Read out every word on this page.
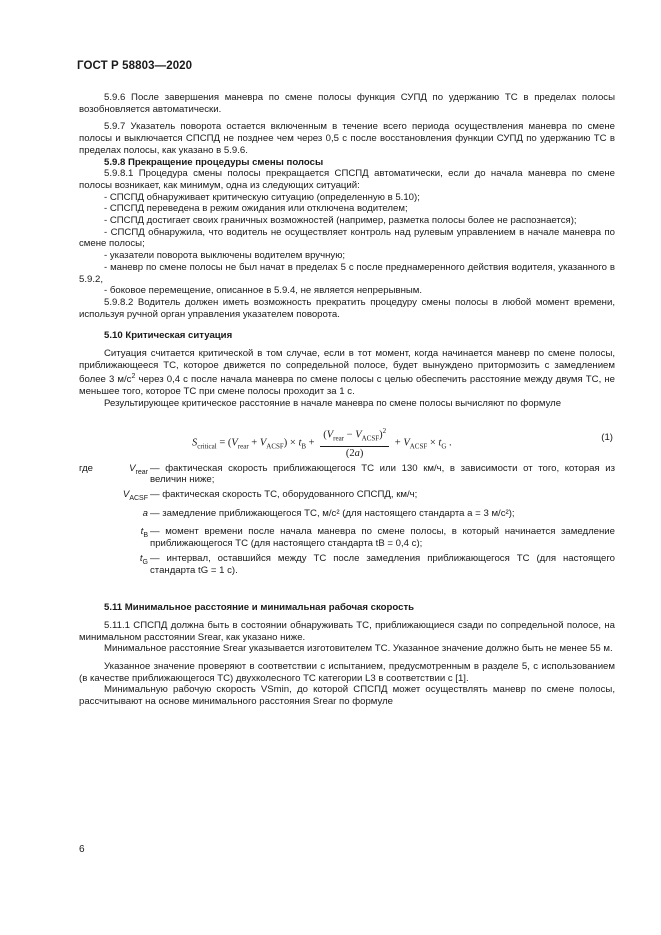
ГОСТ Р 58803—2020

5.9.6 После завершения маневра по смене полосы функция СУПД по удержанию ТС в пределах полосы возобновляется автоматически.

5.9.7 Указатель поворота остается включенным в течение всего периода осуществления маневра по смене полосы и выключается СПСПД не позднее чем через 0,5 с после восстановления функции СУПД по удержанию ТС в пределах полосы, как указано в 5.9.6.

5.9.8 Прекращение процедуры смены полосы

5.9.8.1 Процедура смены полосы прекращается СПСПД автоматически, если до начала маневра по смене полосы возникает, как минимум, одна из следующих ситуаций:

- СПСПД обнаруживает критическую ситуацию (определенную в 5.10);

- СПСПД переведена в режим ожидания или отключена водителем;

- СПСПД достигает своих граничных возможностей (например, разметка полосы более не распознается);

- СПСПД обнаружила, что водитель не осуществляет контроль над рулевым управлением в начале маневра по смене полосы;

- указатели поворота выключены водителем вручную;

- маневр по смене полосы не был начат в пределах 5 с после преднамеренного действия водителя, указанного в 5.9.2,

- боковое перемещение, описанное в 5.9.4, не является непрерывным.

5.9.8.2 Водитель должен иметь возможность прекратить процедуру смены полосы в любой момент времени, используя ручной орган управления указателем поворота.

5.10 Критическая ситуация

Ситуация считается критической в том случае, если в тот момент, когда начинается маневр по смене полосы, приближающееся ТС, которое движется по сопредельной полосе, будет вынуждено притормозить с замедлением более 3 $м/с^2$ через 0,4 с после начала маневра по смене полосы с целью обеспечить расстояние между двумя ТС, не меньшее того, которое ТС при смене полосы проходит за 1 с.

Результирующее критическое расстояние в начале маневра по смене полосы вычисляют по формуле

$S_{critical} = (V_{rear} + V_{ACSF}) \times t_B + \frac{(V_{rear} - V_{ACSF})^2}{(2a)} + V_{ACSF} \times t_G$ .	(1)
где	$V_{rear}$ — фактическая скорость приближающегося ТС или 130 км/ч, в зависимости от того, которая из величин ниже;
$V_{ACSF}$ — фактическая скорость ТС, оборудованного СПСПД, км/ч;
a — замедление приближающегося ТС, м/с² (для настоящего стандарта a = 3 м/с²);
$t_B$ — момент времени после начала маневра по смене полосы, в который начинается замедление приближающегося ТС (для настоящего стандарта tB = 0,4 с);
$t_G$ — интервал, оставшийся между ТС после замедления приближающегося ТС (для настоящего стандарта tG = 1 с).

5.11 Минимальное расстояние и минимальная рабочая скорость

5.11.1 СПСПД должна быть в состоянии обнаруживать ТС, приближающиеся сзади по сопредельной полосе, на минимальном расстоянии Srear, как указано ниже.

Минимальное расстояние Srear указывается изготовителем ТС. Указанное значение должно быть не менее 55 м.

Указанное значение проверяют в соответствии с испытанием, предусмотренным в разделе 5, с использованием (в качестве приближающегося ТС) двухколесного ТС категории L3 в соответствии с [1].

Минимальную рабочую скорость VSmin, до которой СПСПД может осуществлять маневр по смене полосы, рассчитывают на основе минимального расстояния Srear по формуле

6
